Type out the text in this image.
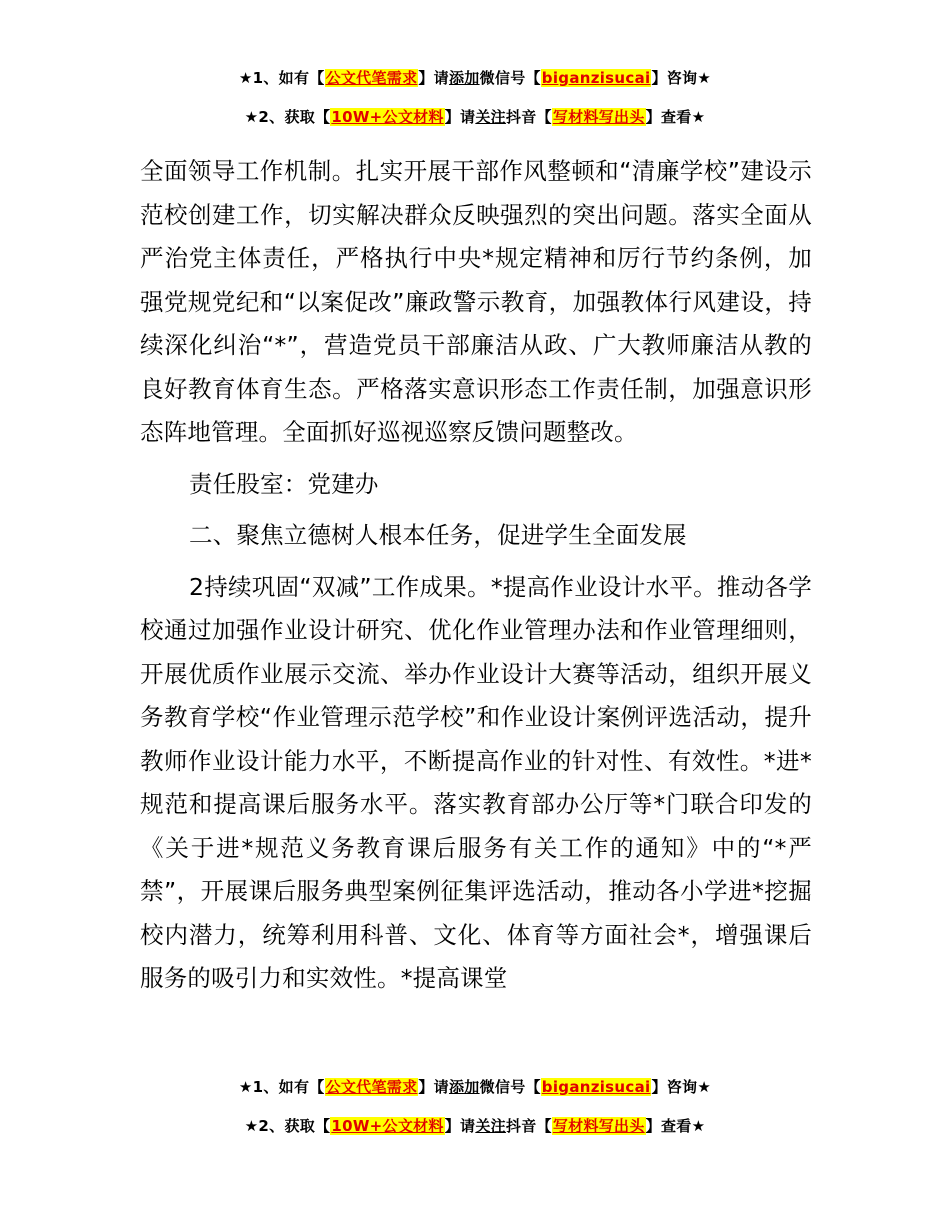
★1、如有【公文代笔需求】请添加微信号【biganzisucai】咨询★
★2、获取【10W+公文材料】请关注抖音【写材料写出头】查看★

全面领导工作机制。扎实开展干部作风整顿和“清廉学校”建设示范校创建工作，切实解决群众反映强烈的突出问题。落实全面从严治党主体责任，严格执行中央*规定精神和厉行节约条例，加强党规党纪和“以案促改”廉政警示教育，加强教体行风建设，持续深化纠治“*”，营造党员干部廉洁从政、广大教师廉洁从教的良好教育体育生态。严格落实意识形态工作责任制，加强意识形态阵地管理。全面抓好巡视巡察反馈问题整改。

责任股室：党建办

二、聚焦立德树人根本任务，促进学生全面发展

2持续巩固“双减”工作成果。*提高作业设计水平。推动各学校通过加强作业设计研究、优化作业管理办法和作业管理细则，开展优质作业展示交流、举办作业设计大赛等活动，组织开展义务教育学校“作业管理示范学校”和作业设计案例评选活动，提升教师作业设计能力水平，不断提高作业的针对性、有效性。*进*规范和提高课后服务水平。落实教育部办公厅等*门联合印发的《关于进*规范义务教育课后服务有关工作的通知》中的“*严禁”，开展课后服务典型案例征集评选活动，推动各小学进*挖掘校内潜力，统筹利用科普、文化、体育等方面社会*，增强课后服务的吸引力和实效性。*提高课堂

★1、如有【公文代笔需求】请添加微信号【biganzisucai】咨询★
★2、获取【10W+公文材料】请关注抖音【写材料写出头】查看★
